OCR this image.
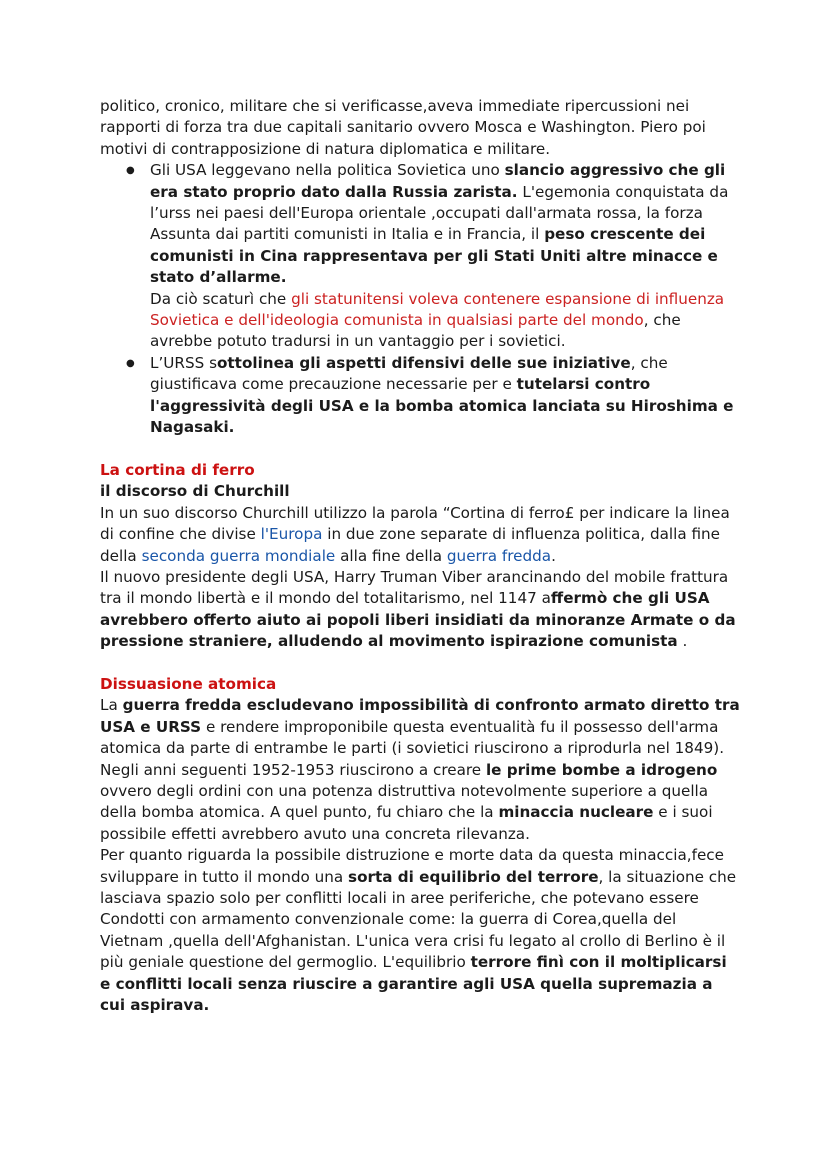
politico, cronico, militare che si verificasse,aveva immediate ripercussioni nei rapporti di forza tra due capitali sanitario ovvero Mosca e Washington. Piero poi motivi di contrapposizione di natura diplomatica e militare.

● Gli USA leggevano nella politica Sovietica uno slancio aggressivo che gli era stato proprio dato dalla Russia zarista. L'egemonia conquistata da l’urss nei paesi dell'Europa orientale ,occupati dall'armata rossa, la forza Assunta dai partiti comunisti in Italia e in Francia, il peso crescente dei comunisti in Cina rappresentava per gli Stati Uniti altre minacce e stato d’allarme.
Da ciò scaturì che gli statunitensi voleva contenere espansione di influenza Sovietica e dell'ideologia comunista in qualsiasi parte del mondo, che avrebbe potuto tradursi in un vantaggio per i sovietici.
● L’URSS sottolinea gli aspetti difensivi delle sue iniziative, che giustificava come precauzione necessarie per e tutelarsi contro l'aggressività degli USA e la bomba atomica lanciata su Hiroshima e Nagasaki.

La cortina di ferro

il discorso di Churchill

In un suo discorso Churchill utilizzo la parola “Cortina di ferro£ per indicare la linea di confine che divise l'Europa in due zone separate di influenza politica, dalla fine della seconda guerra mondiale alla fine della guerra fredda.

Il nuovo presidente degli USA, Harry Truman Viber arancinando del mobile frattura tra il mondo libertà e il mondo del totalitarismo, nel 1147 affermò che gli USA avrebbero offerto aiuto ai popoli liberi insidiati da minoranze Armate o da pressione straniere, alludendo al movimento ispirazione comunista .

Dissuasione atomica

La guerra fredda escludevano impossibilità di confronto armato diretto tra USA e URSS e rendere improponibile questa eventualità fu il possesso dell'arma atomica da parte di entrambe le parti (i sovietici riuscirono a riprodurla nel 1849). Negli anni seguenti 1952-1953 riuscirono a creare le prime bombe a idrogeno ovvero degli ordini con una potenza distruttiva notevolmente superiore a quella della bomba atomica. A quel punto, fu chiaro che la minaccia nucleare e i suoi possibile effetti avrebbero avuto una concreta rilevanza.

Per quanto riguarda la possibile distruzione e morte data da questa minaccia,fece sviluppare in tutto il mondo una sorta di equilibrio del terrore, la situazione che lasciava spazio solo per conflitti locali in aree periferiche, che potevano essere Condotti con armamento convenzionale come: la guerra di Corea,quella del Vietnam ,quella dell'Afghanistan. L'unica vera crisi fu legato al crollo di Berlino è il più geniale questione del germoglio. L'equilibrio terrore finì con il moltiplicarsi e conflitti locali senza riuscire a garantire agli USA quella supremazia a cui aspirava.
